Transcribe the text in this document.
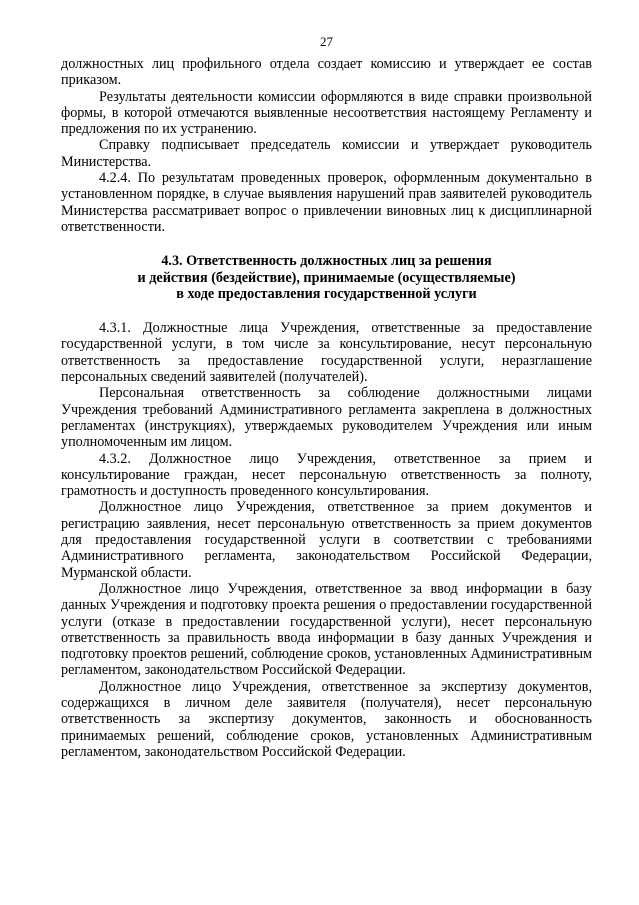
27

должностных лиц профильного отдела создает комиссию и утверждает ее состав приказом.

Результаты деятельности комиссии оформляются в виде справки произвольной формы, в которой отмечаются выявленные несоответствия настоящему Регламенту и предложения по их устранению.

Справку подписывает председатель комиссии и утверждает руководитель Министерства.

4.2.4. По результатам проведенных проверок, оформленным документально в установленном порядке, в случае выявления нарушений прав заявителей руководитель Министерства рассматривает вопрос о привлечении виновных лиц к дисциплинарной ответственности.

4.3. Ответственность должностных лиц за решения
и действия (бездействие), принимаемые (осуществляемые)
в ходе предоставления государственной услуги

4.3.1. Должностные лица Учреждения, ответственные за предоставление государственной услуги, в том числе за консультирование, несут персональную ответственность за предоставление государственной услуги, неразглашение персональных сведений заявителей (получателей).

Персональная ответственность за соблюдение должностными лицами Учреждения требований Административного регламента закреплена в должностных регламентах (инструкциях), утверждаемых руководителем Учреждения или иным уполномоченным им лицом.

4.3.2. Должностное лицо Учреждения, ответственное за прием и консультирование граждан, несет персональную ответственность за полноту, грамотность и доступность проведенного консультирования.

Должностное лицо Учреждения, ответственное за прием документов и регистрацию заявления, несет персональную ответственность за прием документов для предоставления государственной услуги в соответствии с требованиями Административного регламента, законодательством Российской Федерации, Мурманской области.

Должностное лицо Учреждения, ответственное за ввод информации в базу данных Учреждения и подготовку проекта решения о предоставлении государственной услуги (отказе в предоставлении государственной услуги), несет персональную ответственность за правильность ввода информации в базу данных Учреждения и подготовку проектов решений, соблюдение сроков, установленных Административным регламентом, законодательством Российской Федерации.

Должностное лицо Учреждения, ответственное за экспертизу документов, содержащихся в личном деле заявителя (получателя), несет персональную ответственность за экспертизу документов, законность и обоснованность принимаемых решений, соблюдение сроков, установленных Административным регламентом, законодательством Российской Федерации.
